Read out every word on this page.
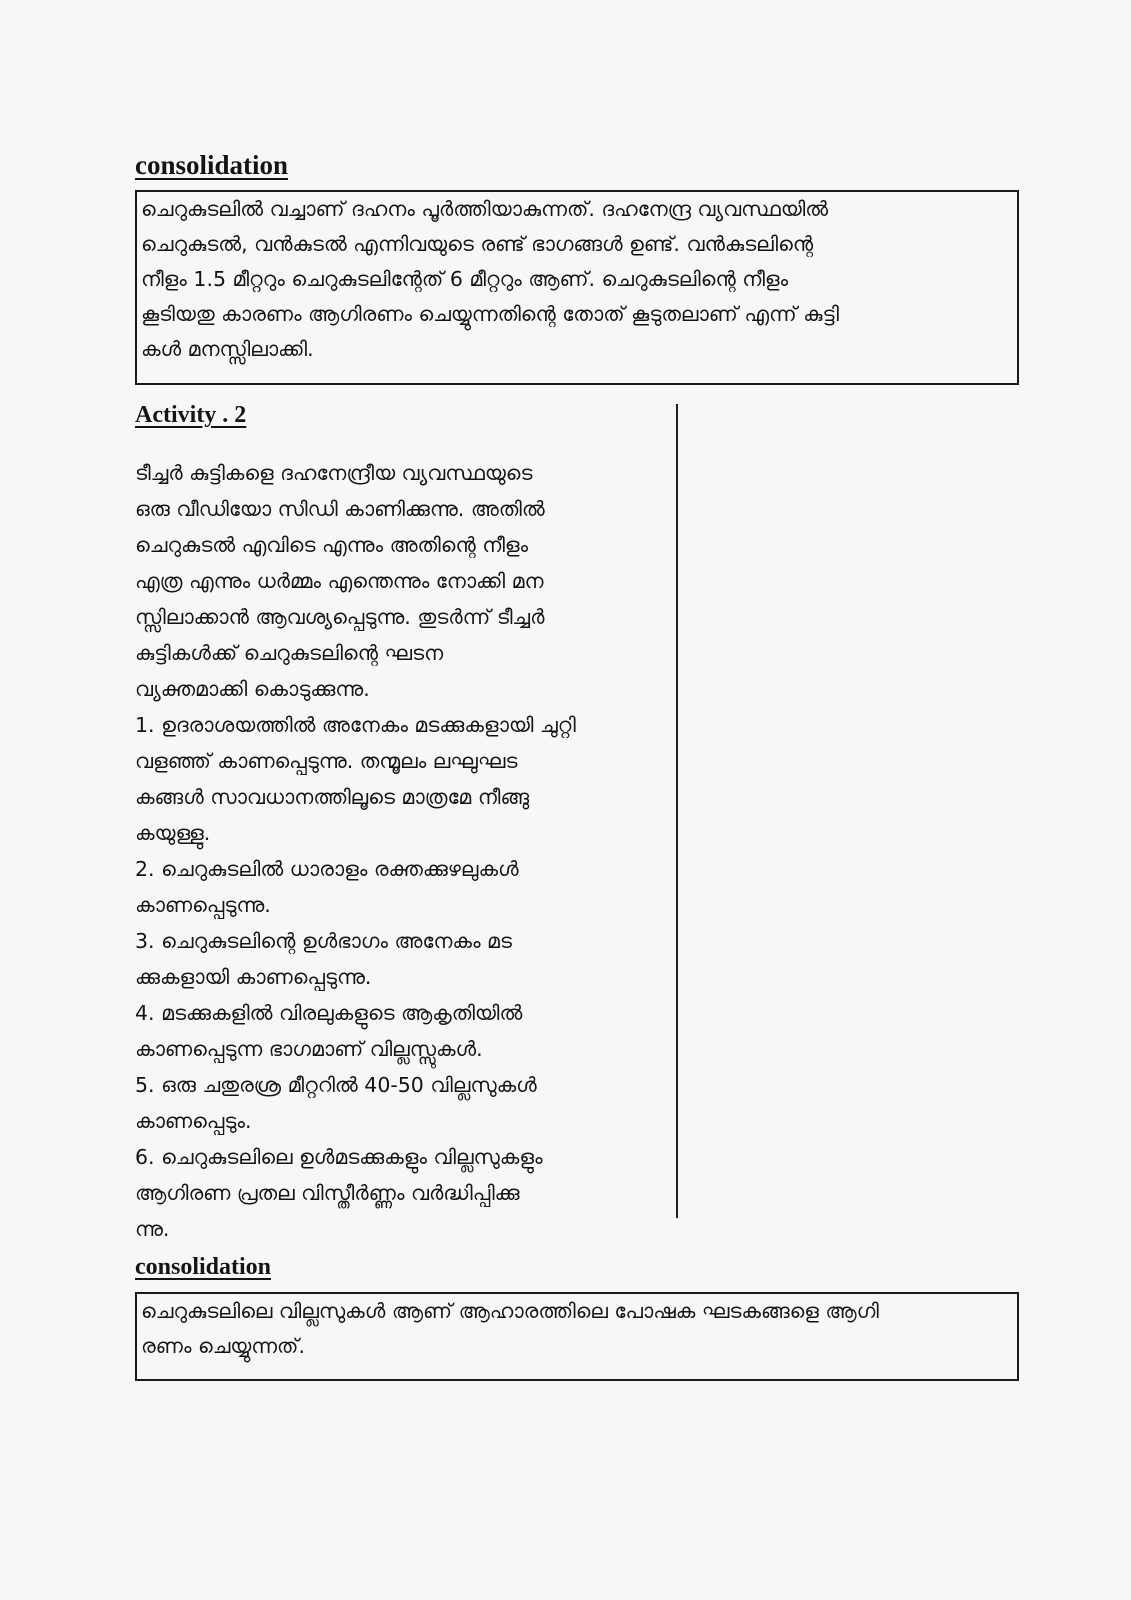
consolidation

ചെറുകുടലിൽ വച്ചാണ് ദഹനം പൂർത്തിയാകുന്നത്. ദഹനേന്ദ്ര വ്യവസ്ഥയിൽ

ചെറുകുടൽ, വൻകുടൽ എന്നിവയുടെ രണ്ട് ഭാഗങ്ങൾ ഉണ്ട്. വൻകുടലിന്റെ

നീളം 1.5 മീറ്ററും ചെറുകുടലിന്റേത് 6 മീറ്ററും ആണ്. ചെറുകുടലിന്റെ നീളം

കൂടിയതു കാരണം ആഗിരണം ചെയ്യുന്നതിന്റെ തോത് കൂടുതലാണ് എന്ന് കുട്ടി

കൾ മനസ്സിലാക്കി.

Activity . 2

ടീച്ചർ കുട്ടികളെ ദഹനേന്ദ്രീയ വ്യവസ്ഥയുടെ

ഒരു വീഡിയോ സിഡി കാണിക്കുന്നു. അതിൽ

ചെറുകുടൽ എവിടെ എന്നും അതിന്റെ നീളം

എത്ര എന്നും ധർമ്മം എന്തെന്നും നോക്കി മന

സ്സിലാക്കാൻ ആവശ്യപ്പെടുന്നു. തുടർന്ന് ടീച്ചർ

കുട്ടികൾക്ക് ചെറുകുടലിന്റെ ഘടന

വ്യക്തമാക്കി കൊടുക്കുന്നു.

1. ഉദരാശയത്തിൽ അനേകം മടക്കുകളായി ചുറ്റി

വളഞ്ഞ് കാണപ്പെടുന്നു. തന്മൂലം ലഘുഘട

കങ്ങൾ സാവധാനത്തിലൂടെ മാത്രമേ നീങ്ങു

കയുള്ളു.

2. ചെറുകുടലിൽ ധാരാളം രക്തക്കുഴലുകൾ

കാണപ്പെടുന്നു.

3. ചെറുകുടലിന്റെ ഉൾഭാഗം അനേകം മട

ക്കുകളായി കാണപ്പെടുന്നു.

4. മടക്കുകളിൽ വിരലുകളുടെ ആകൃതിയിൽ

കാണപ്പെടുന്ന ഭാഗമാണ് വില്ലസ്സുകൾ.

5. ഒരു ചതുരശ്ര മീറ്ററിൽ 40-50 വില്ലസുകൾ

കാണപ്പെടും.

6. ചെറുകുടലിലെ ഉൾമടക്കുകളും വില്ലസുകളും

ആഗിരണ പ്രതല വിസ്തീർണ്ണം വർദ്ധിപ്പിക്കു

ന്നു.

consolidation

ചെറുകുടലിലെ വില്ലസുകൾ ആണ് ആഹാരത്തിലെ പോഷക ഘടകങ്ങളെ ആഗി

രണം ചെയ്യുന്നത്.
